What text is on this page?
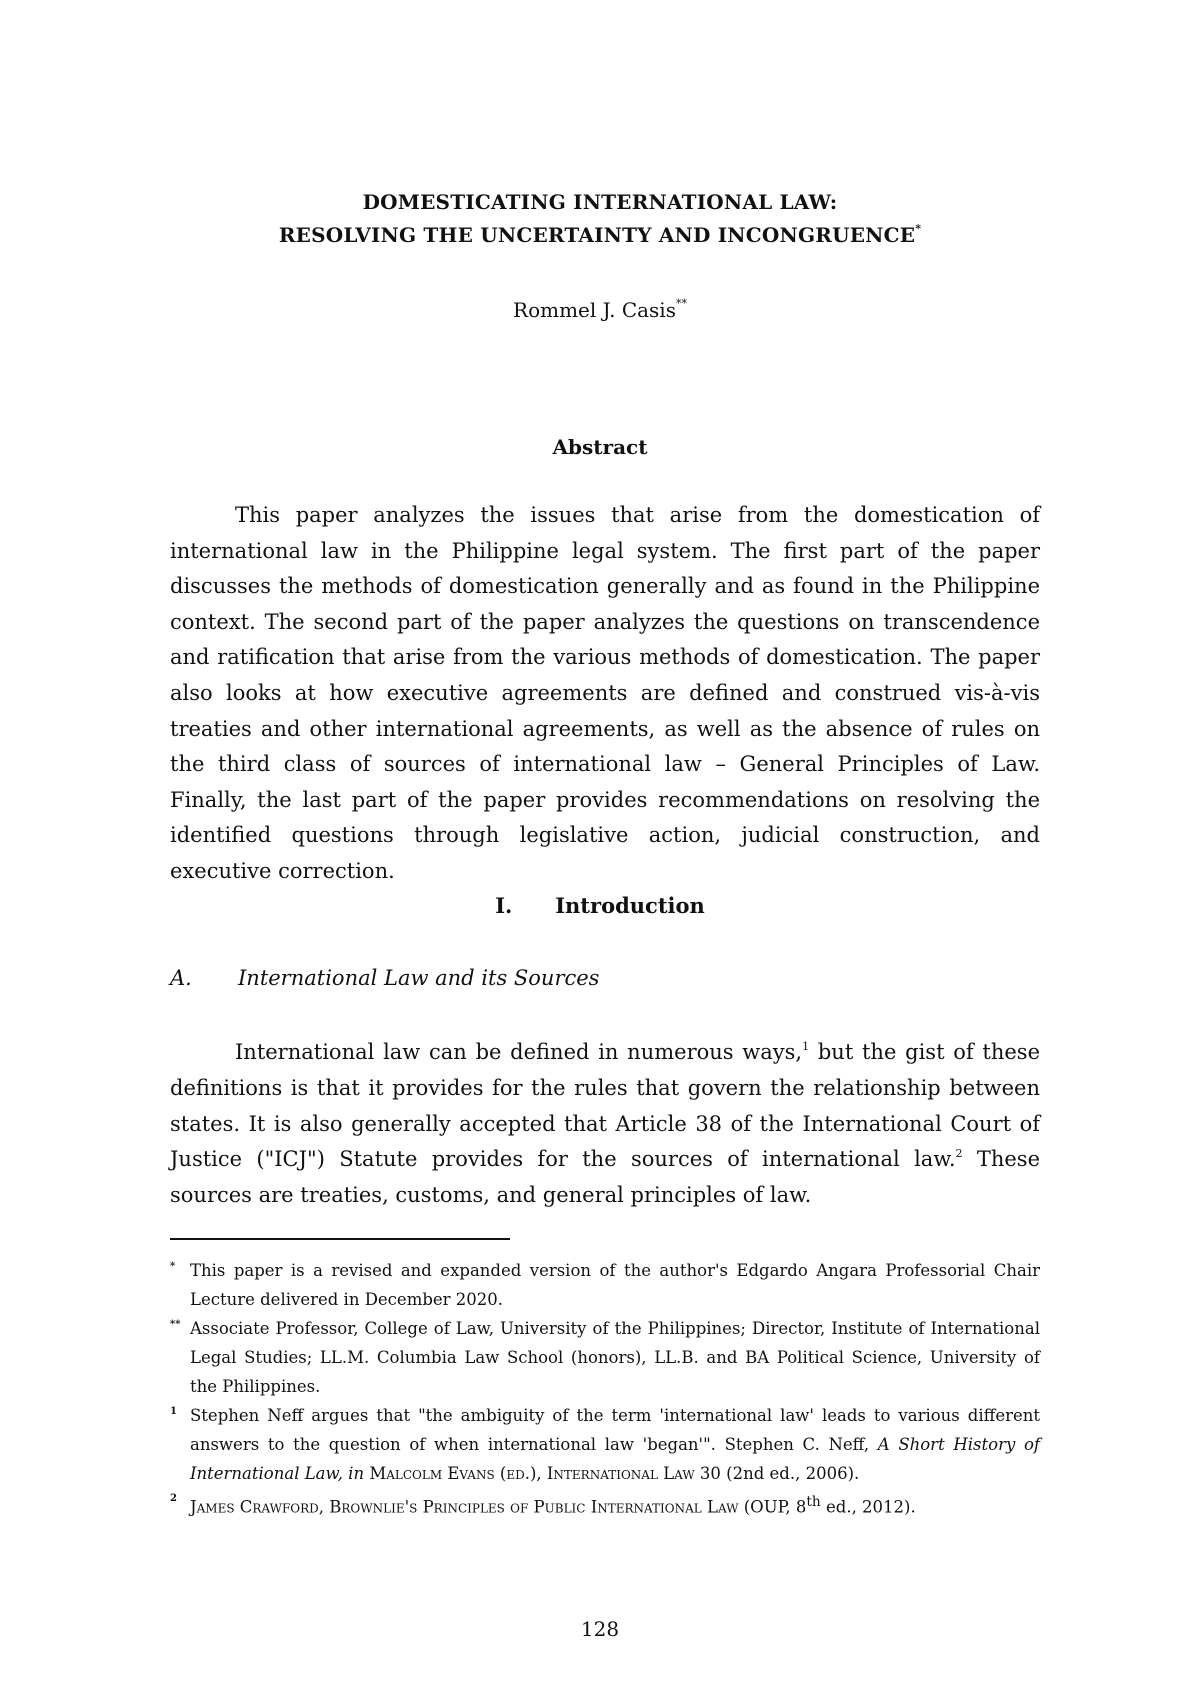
DOMESTICATING INTERNATIONAL LAW:
RESOLVING THE UNCERTAINTY AND INCONGRUENCE*
Rommel J. Casis**
Abstract

This paper analyzes the issues that arise from the domestication of international law in the Philippine legal system. The first part of the paper discusses the methods of domestication generally and as found in the Philippine context. The second part of the paper analyzes the questions on transcendence and ratification that arise from the various methods of domestication. The paper also looks at how executive agreements are defined and construed vis-à-vis treaties and other international agreements, as well as the absence of rules on the third class of sources of international law – General Principles of Law. Finally, the last part of the paper provides recommendations on resolving the identified questions through legislative action, judicial construction, and executive correction.

I. Introduction
A. International Law and its Sources

International law can be defined in numerous ways,$^1$ but the gist of these definitions is that it provides for the rules that govern the relationship between states. It is also generally accepted that Article 38 of the International Court of Justice ("ICJ") Statute provides for the sources of international law.$^2$ These sources are treaties, customs, and general principles of law.

* This paper is a revised and expanded version of the author's Edgardo Angara Professorial Chair Lecture delivered in December 2020.
** Associate Professor, College of Law, University of the Philippines; Director, Institute of International Legal Studies; LL.M. Columbia Law School (honors), LL.B. and BA Political Science, University of the Philippines.
1 Stephen Neff argues that "the ambiguity of the term 'international law' leads to various different answers to the question of when international law 'began'". Stephen C. Neff, A Short History of International Law, in Malcolm Evans (ed.), International Law 30 (2nd ed., 2006).
2 James Crawford, Brownlie's Principles of Public International Law (OUP, 8th ed., 2012).
128
